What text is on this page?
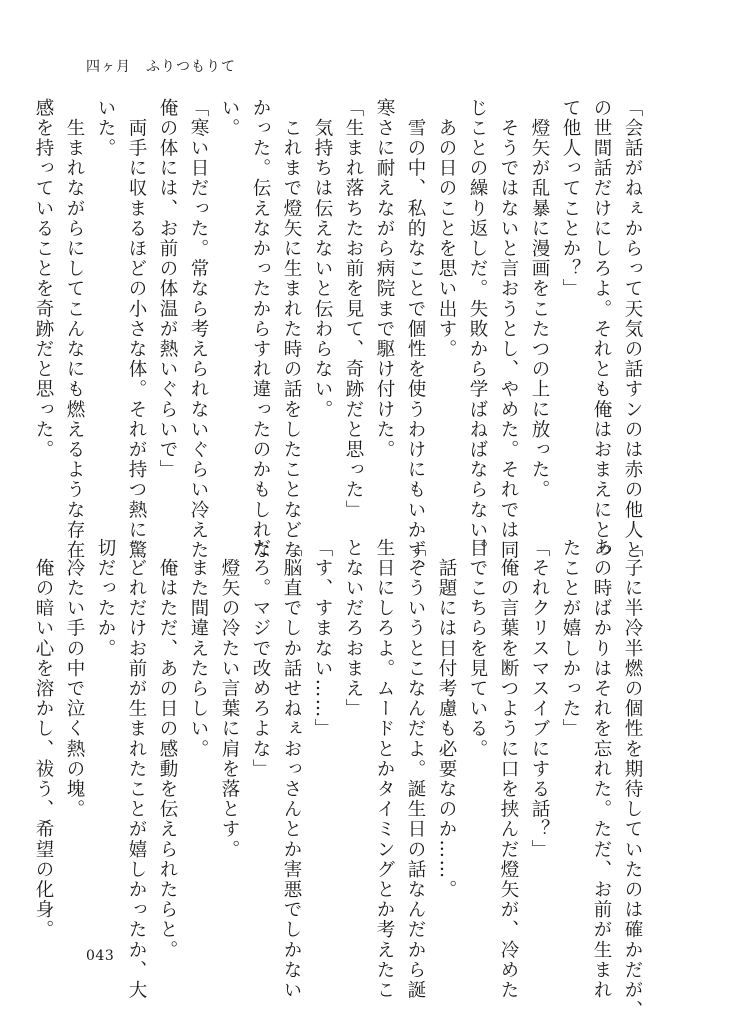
四ヶ月　ふりつもりて
「会話がねぇからって天気の話すンのは赤の他人と
の世間話だけにしろよ。それとも俺はおまえにとっ
て他人ってことか？」
　燈矢が乱暴に漫画をこたつの上に放った。
　そうではないと言おうとし、やめた。それでは同
じことの繰り返しだ。失敗から学ばねばならない。
　あの日のことを思い出す。
　雪の中、私的なことで個性を使うわけにもいかず、
寒さに耐えながら病院まで駆け付けた。
「生まれ落ちたお前を見て、奇跡だと思った」
　気持ちは伝えないと伝わらない。
　これまで燈矢に生まれた時の話をしたことなどな
かった。伝えなかったからすれ違ったのかもしれな
い。
「寒い日だった。常なら考えられないぐらい冷えた
俺の体には、お前の体温が熱いぐらいで」
　両手に収まるほどの小さな体。それが持つ熱に驚
いた。
　生まれながらにしてこんなにも燃えるような存在
感を持っていることを奇跡だと思った。
「子に半冷半燃の個性を期待していたのは確かだが、
あの時ばかりはそれを忘れた。ただ、お前が生まれ
たことが嬉しかった」
「それクリスマスイブにする話？」
　俺の言葉を断つように口を挟んだ燈矢が、冷めた
目でこちらを見ている。
　話題には日付考慮も必要なのか……。
「そういうとこなんだよ。誕生日の話なんだから誕
生日にしろよ。ムードとかタイミングとか考えたこ
とないだろおまえ」
「す、すまない……」
「脳直でしか話せねぇおっさんとか害悪でしかない
だろ。マジで改めろよな」
　燈矢の冷たい言葉に肩を落とす。
　また間違えたらしい。
　俺はただ、あの日の感動を伝えられたらと。
　どれだけお前が生まれたことが嬉しかったか、大
切だったか。
　冷たい手の中で泣く熱の塊。
　俺の暗い心を溶かし、祓う、希望の化身。
043
